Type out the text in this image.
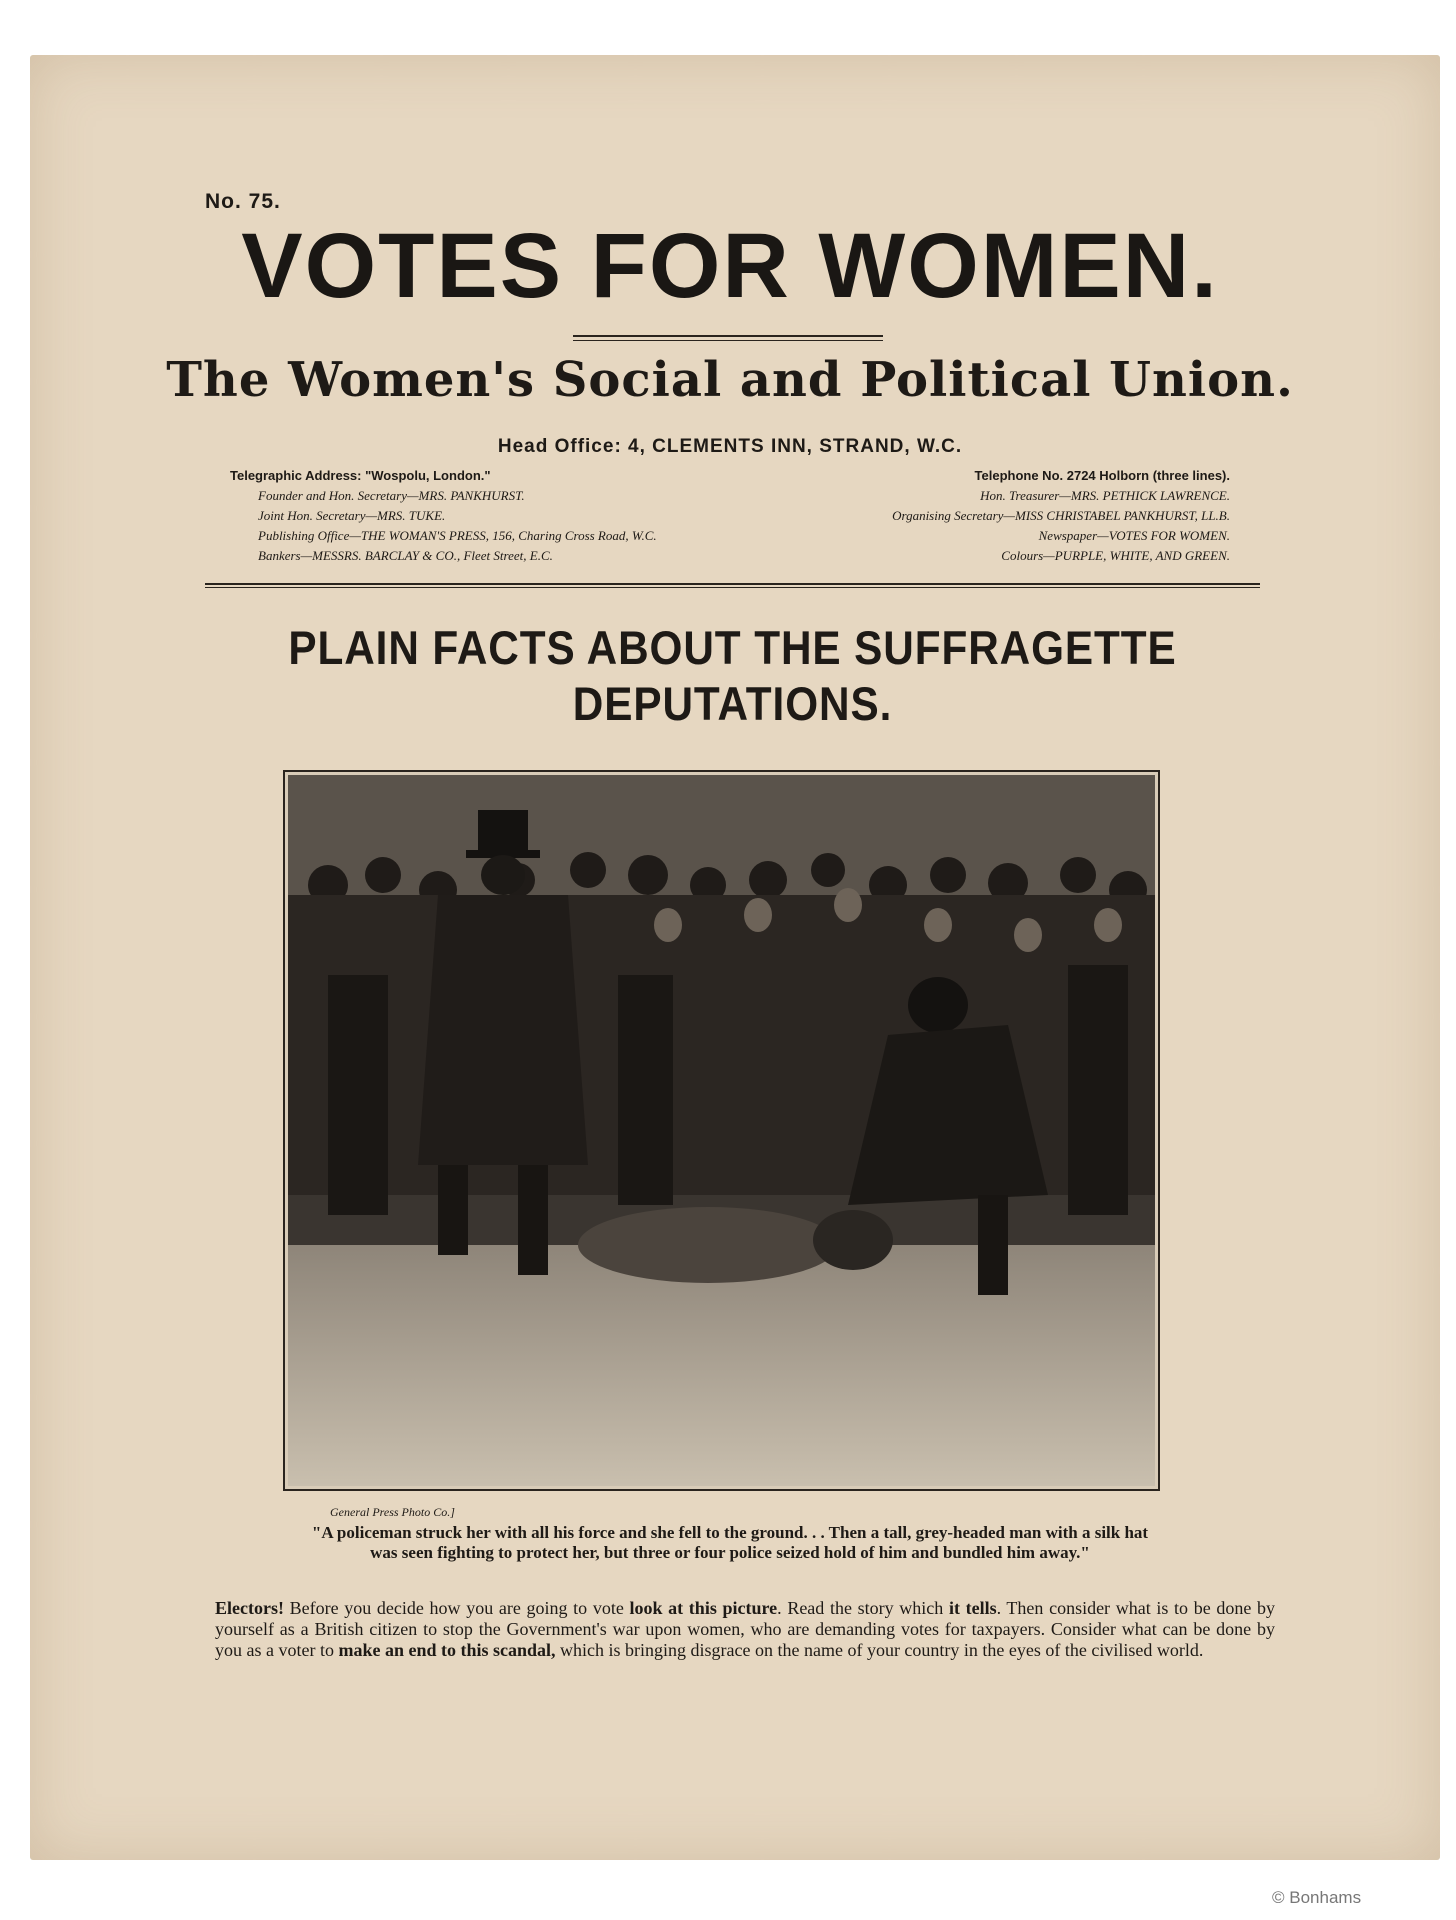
No. 75.
VOTES FOR WOMEN.
The Women's Social and Political Union.
Head Office: 4, CLEMENTS INN, STRAND, W.C.
Telegraphic Address: "Wospolu, London."
Founder and Hon. Secretary—MRS. PANKHURST.
Joint Hon. Secretary—MRS. TUKE.
Publishing Office—THE WOMAN'S PRESS, 156, Charing Cross Road, W.C.
Bankers—MESSRS. BARCLAY & CO., Fleet Street, E.C.
Telephone No. 2724 Holborn (three lines).
Hon. Treasurer—MRS. PETHICK LAWRENCE.
Organising Secretary—MISS CHRISTABEL PANKHURST, LL.B.
Newspaper—VOTES FOR WOMEN.
Colours—PURPLE, WHITE, AND GREEN.
PLAIN FACTS ABOUT THE SUFFRAGETTE
DEPUTATIONS.
General Press Photo Co.]
"A policeman struck her with all his force and she fell to the ground. . . Then a tall, grey-headed man with a silk hat was seen fighting to protect her, but three or four police seized hold of him and bundled him away."
Electors! Before you decide how you are going to vote look at this picture. Read the story which it tells. Then consider what is to be done by yourself as a British citizen to stop the Government's war upon women, who are demanding votes for taxpayers. Consider what can be done by you as a voter to make an end to this scandal, which is bringing disgrace on the name of your country in the eyes of the civilised world.
© Bonhams
